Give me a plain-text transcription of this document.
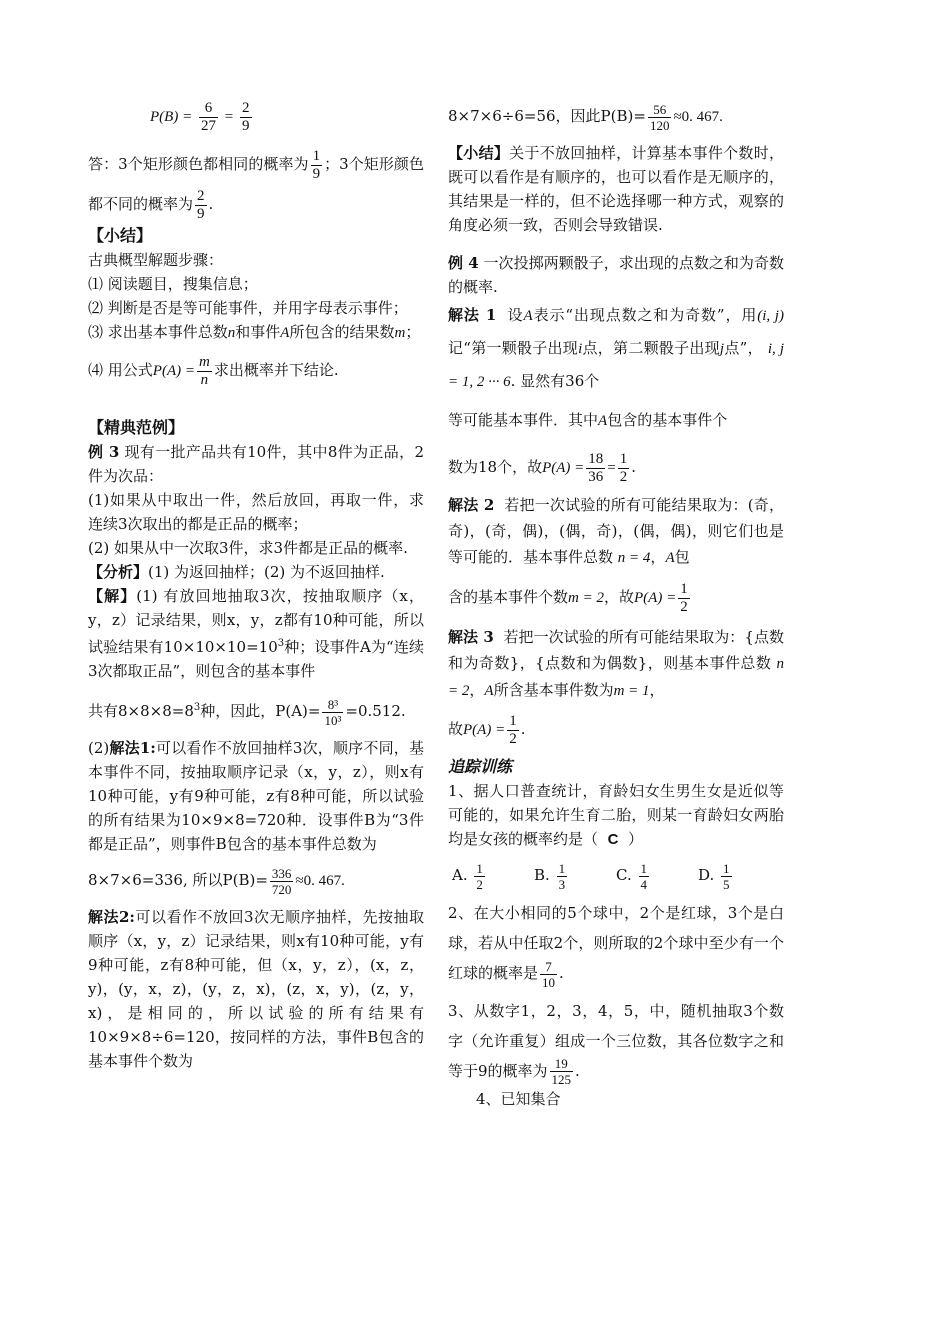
$P(B) = \frac{6}{27} = \frac{2}{9}$

答：3个矩形颜色都相同的概率为 $\frac{1}{9}$ ；3个矩形颜色都不同的概率为 $\frac{2}{9}$ .

【小结】

古典概型解题步骤：

⑴ 阅读题目，搜集信息；

⑵ 判断是否是等可能事件，并用字母表示事件；

⑶ 求出基本事件总数n和事件A所包含的结果数m；

⑷ 用公式$P(A) = \frac{m}{n}$ 求出概率并下结论.

【精典范例】

例 3 现有一批产品共有10件，其中8件为正品，2件为次品：

(1)如果从中取出一件，然后放回，再取一件，求连续3次取出的都是正品的概率；

(2) 如果从中一次取3件，求3件都是正品的概率.

【分析】(1) 为返回抽样；(2) 为不返回抽样.

【解】(1) 有放回地抽取3次，按抽取顺序（x，y，z）记录结果，则x，y，z都有10种可能，所以试验结果有$10\times 10\times 10=10^3$种；设事件A为“连续3次都取正品”，则包含的基本事件

共有$8\times 8\times 8=8^3$种，因此，$P(A)= \frac{\text{8³}}{\text{10³}} =0.512$.

(2)解法1:可以看作不放回抽样3次，顺序不同，基本事件不同，按抽取顺序记录（x，y，z），则x有10种可能，y有9种可能，z有8种可能，所以试验的所有结果为10×9×8=720种．设事件B为“3件都是正品”，则事件B包含的基本事件总数为

8×7×6=336, 所以$P(B)= \frac{336}{720} \approx 0$. 467.

解法2:可以看作不放回3次无顺序抽样，先按抽取顺序（x，y，z）记录结果，则x有10种可能，y有9种可能，z有8种可能，但（x，y，z），(x，z，y)，(y，x，z)，(y，z，x)，(z，x，y)，(z，y，x)，是相同的，所以试验的所有结果有10×9×8÷6=120，按同样的方法，事件B包含的基本事件个数为

8×7×6÷6=56，因此$P(B)= \frac{56}{120} \approx 0$. 467.

【小结】关于不放回抽样，计算基本事件个数时，既可以看作是有顺序的，也可以看作是无顺序的，其结果是一样的，但不论选择哪一种方式，观察的角度必须一致，否则会导致错误.

例 4 一次投掷两颗骰子，求出现的点数之和为奇数的概率.

解法 1 设A表示“出现点数之和为奇数”，用(i, j)记“第一颗骰子出现i点，第二颗骰子出现j点”， i, j = 1, 2 ··· 6. 显然有36个

等可能基本事件．其中A包含的基本事件个

数为18个，故$P(A) = \frac{18}{36} = \frac{1}{2}$ .

解法 2 若把一次试验的所有可能结果取为：(奇，奇)，(奇，偶)，(偶，奇)，(偶，偶)，则它们也是等可能的．基本事件总数 n = 4，A包

含的基本事件个数m = 2，故$P(A) = \frac{1}{2}$

解法 3 若把一次试验的所有可能结果取为：{点数和为奇数}，{点数和为偶数}，则基本事件总数 n = 2，A所含基本事件数为m = 1，

故$P(A) = \frac{1}{2}$ .

追踪训练

1、据人口普查统计，育龄妇女生男生女是近似等可能的，如果允许生育二胎，则某一育龄妇女两胎均是女孩的概率约是（ C ）

A. $\frac{1}{2}$	B. $\frac{1}{3}$	C. $\frac{1}{4}$	D. $\frac{1}{5}$

2、在大小相同的5个球中，2个是红球，3个是白球，若从中任取2个，则所取的2个球中至少有一个红球的概率是 $\frac{7}{10}$ .

3、从数字1，2，3，4，5，中，随机抽取3个数字（允许重复）组成一个三位数，其各位数字之和等于9的概率为 $\frac{19}{125}$ .

4、已知集合
